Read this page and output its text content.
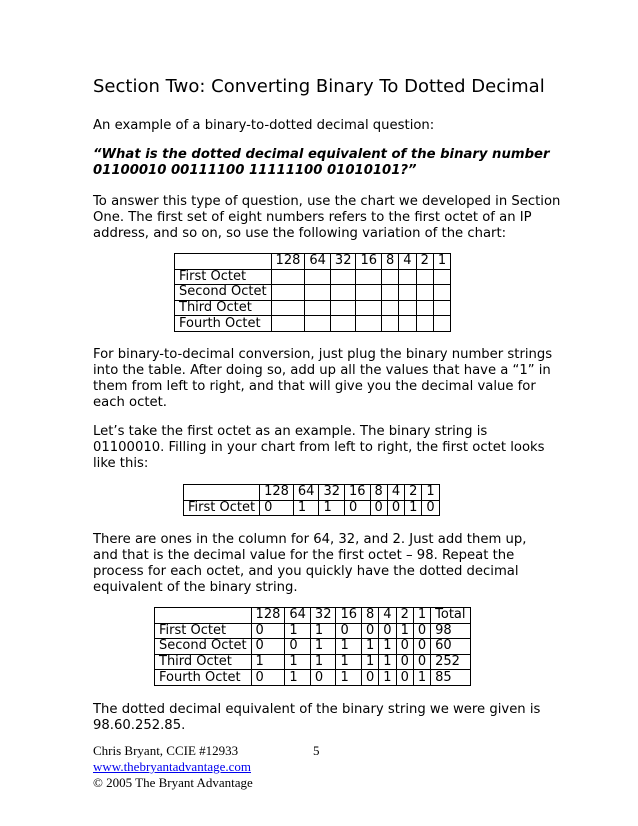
Section Two: Converting Binary To Dotted Decimal
An example of a binary-to-dotted decimal question:
“What is the dotted decimal equivalent of the binary number
01100010 00111100 11111100 01010101?”
To answer this type of question, use the chart we developed in Section
One. The first set of eight numbers refers to the first octet of an IP
address, and so on, so use the following variation of the chart:
	128	64	32	16	8	4	2	1
First Octet								
Second Octet								
Third Octet								
Fourth Octet								
For binary-to-decimal conversion, just plug the binary number strings
into the table. After doing so, add up all the values that have a “1” in
them from left to right, and that will give you the decimal value for
each octet.
Let’s take the first octet as an example. The binary string is
01100010. Filling in your chart from left to right, the first octet looks
like this:
	128	64	32	16	8	4	2	1
First Octet	0	1	1	0	0	0	1	0
There are ones in the column for 64, 32, and 2. Just add them up,
and that is the decimal value for the first octet – 98. Repeat the
process for each octet, and you quickly have the dotted decimal
equivalent of the binary string.
	128	64	32	16	8	4	2	1	Total
First Octet	0	1	1	0	0	0	1	0	98
Second Octet	0	0	1	1	1	1	0	0	60
Third Octet	1	1	1	1	1	1	0	0	252
Fourth Octet	0	1	0	1	0	1	0	1	85
The dotted decimal equivalent of the binary string we were given is
98.60.252.85.
Chris Bryant, CCIE #12933	5
www.thebryantadvantage.com
© 2005 The Bryant Advantage
